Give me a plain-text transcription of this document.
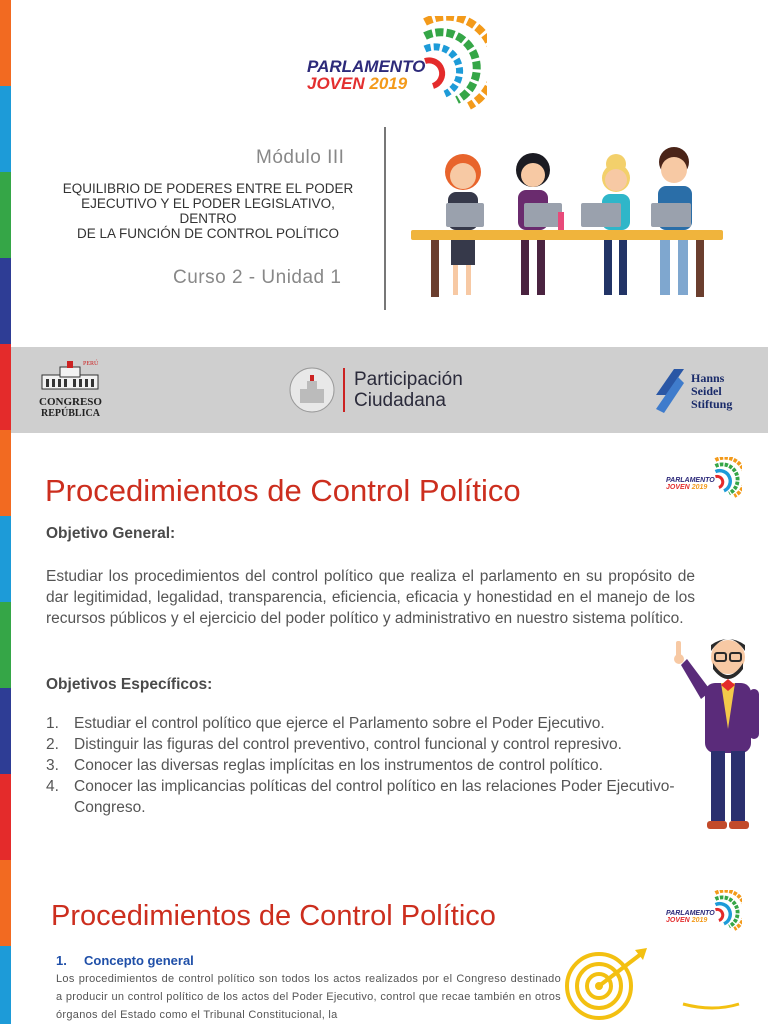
PARLAMENTO
JOVEN 2019
Módulo III
EQUILIBRIO DE PODERES ENTRE EL PODER
EJECUTIVO Y EL PODER LEGISLATIVO,
DENTRO
DE LA FUNCIÓN DE CONTROL POLÍTICO
Curso 2 - Unidad 1
CONGRESO
REPÚBLICA
PERÚ
Participación
Ciudadana
Hanns
Seidel
Stiftung
PARLAMENTO
JOVEN 2019
Procedimientos de Control Político
Objetivo General:
Estudiar los procedimientos del control político que realiza el parlamento en su propósito de dar legitimidad, legalidad, transparencia, eficiencia, eficacia y honestidad en el manejo de los recursos públicos y el ejercicio del poder político y administrativo en nuestro sistema político.
Objetivos Específicos:
1. Estudiar el control político que ejerce el Parlamento sobre el Poder Ejecutivo.
2. Distinguir las figuras del control preventivo, control funcional y control represivo.
3. Conocer las diversas reglas implícitas en los instrumentos de control político.
4. Conocer las implicancias políticas del control político en las relaciones Poder Ejecutivo-Congreso.
PARLAMENTO
JOVEN 2019
Procedimientos de Control Político
1. Concepto general
Los procedimientos de control político son todos los actos realizados por el Congreso destinado a producir un control político de los actos del Poder Ejecutivo, control que recae también en otros órganos del Estado como el Tribunal Constitucional, la
